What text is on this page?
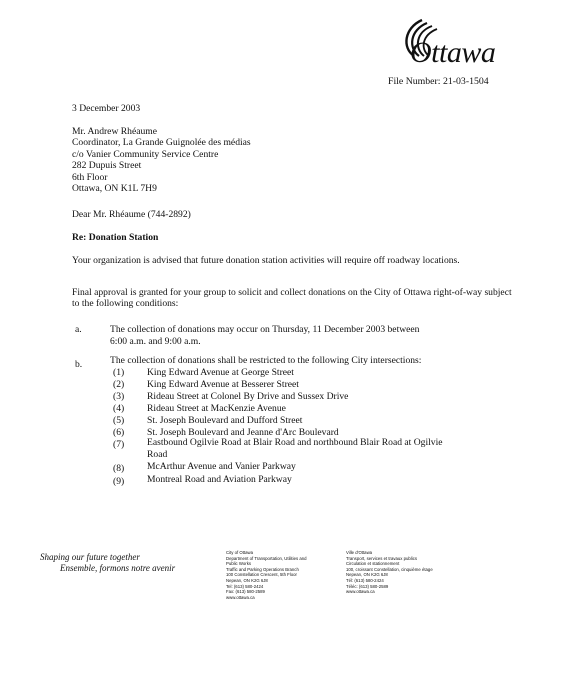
Ottawa
File Number: 21-03-1504
3 December 2003
Mr. Andrew Rhéaume
Coordinator, La Grande Guignolée des médias
c/o Vanier Community Service Centre
282 Dupuis Street
6th Floor
Ottawa, ON K1L 7H9
Dear Mr. Rhéaume (744-2892)
Re: Donation Station
Your organization is advised that future donation station activities will require off roadway locations.
Final approval is granted for your group to solicit and collect donations on the City of Ottawa right-of-way subject to the following conditions:
a.	The collection of donations may occur on Thursday, 11 December 2003 between
6:00 a.m. and 9:00 a.m.
b.	The collection of donations shall be restricted to the following City intersections:
(1) King Edward Avenue at George Street
(2) King Edward Avenue at Besserer Street
(3) Rideau Street at Colonel By Drive and Sussex Drive
(4) Rideau Street at MacKenzie Avenue
(5) St. Joseph Boulevard and Dufford Street
(6) St. Joseph Boulevard and Jeanne d'Arc Boulevard
(7) Eastbound Ogilvie Road at Blair Road and northbound Blair Road at Ogilvie
Road
(8) McArthur Avenue and Vanier Parkway
(9) Montreal Road and Aviation Parkway
Shaping our future together
Ensemble, formons notre avenir
City of Ottawa
Department of Transportation, Utilities and
Public Works
Traffic and Parking Operations Branch
100 Constellation Crescent, 5th Floor
Nepean, ON K2G 6J8
Tel: (613) 580-2424
Fax: (613) 580-2589
www.ottawa.ca
Ville d'Ottawa
Transport, services et travaux publics
Circulation et stationnement
100, croissant Constellation, cinquième étage
Nepean, ON K2G 6J8
Tél: (613) 580-2424
Téléc: (613) 580-2589
www.ottawa.ca
